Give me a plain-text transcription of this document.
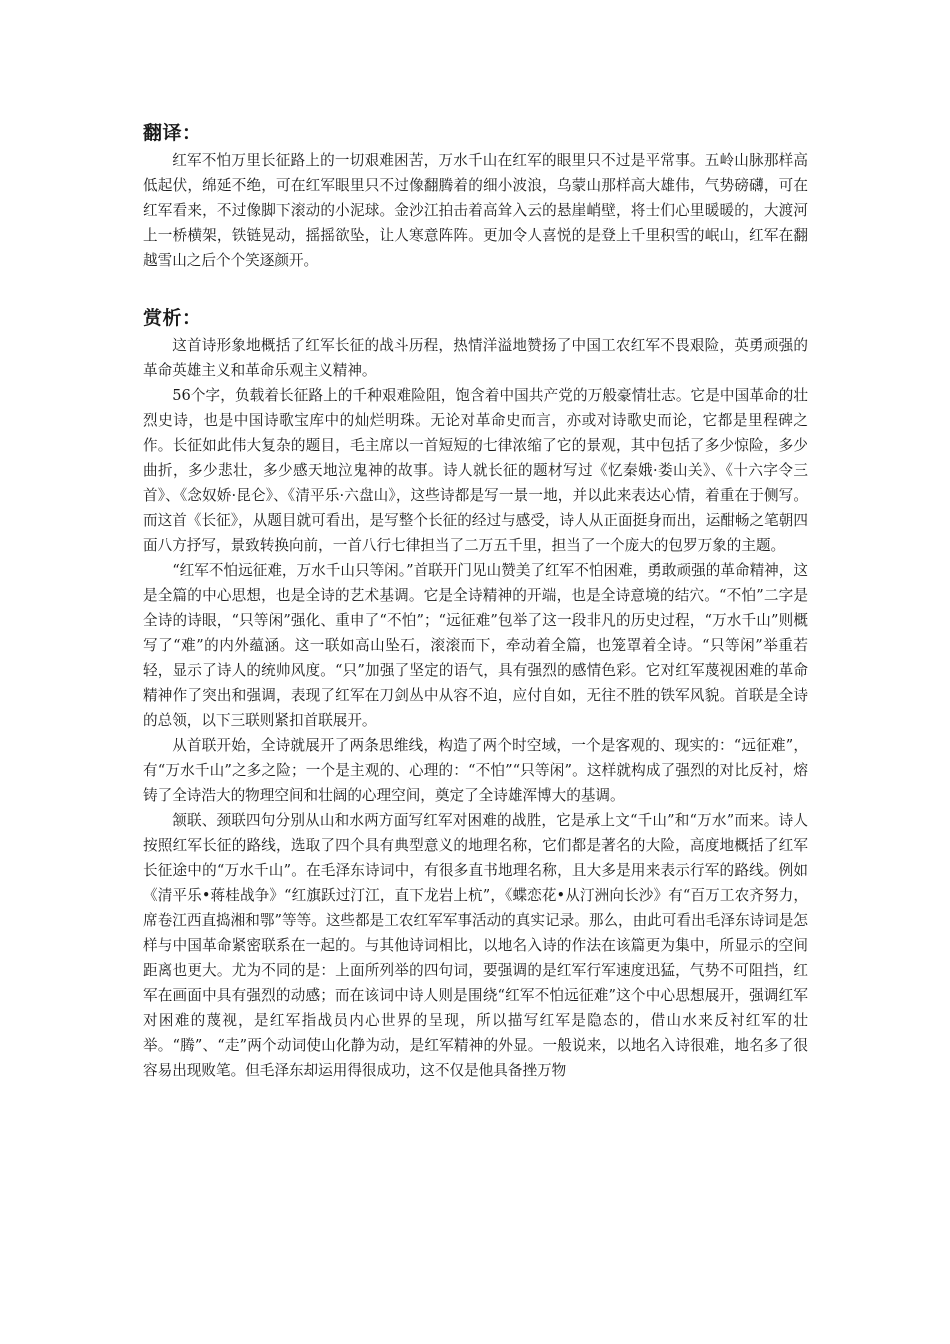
翻译：

红军不怕万里长征路上的一切艰难困苦，万水千山在红军的眼里只不过是平常事。五岭山脉那样高低起伏，绵延不绝，可在红军眼里只不过像翻腾着的细小波浪，乌蒙山那样高大雄伟，气势磅礴，可在红军看来，不过像脚下滚动的小泥球。金沙江拍击着高耸入云的悬崖峭壁，将士们心里暖暖的，大渡河上一桥横架，铁链晃动，摇摇欲坠，让人寒意阵阵。更加令人喜悦的是登上千里积雪的岷山，红军在翻越雪山之后个个笑逐颜开。

赏析：

这首诗形象地概括了红军长征的战斗历程，热情洋溢地赞扬了中国工农红军不畏艰险，英勇顽强的革命英雄主义和革命乐观主义精神。

56个字，负载着长征路上的千种艰难险阻，饱含着中国共产党的万般豪情壮志。它是中国革命的壮烈史诗，也是中国诗歌宝库中的灿烂明珠。无论对革命史而言，亦或对诗歌史而论，它都是里程碑之作。长征如此伟大复杂的题目，毛主席以一首短短的七律浓缩了它的景观，其中包括了多少惊险，多少曲折，多少悲壮，多少感天地泣鬼神的故事。诗人就长征的题材写过《忆秦娥·娄山关》、《十六字令三首》、《念奴娇·昆仑》、《清平乐·六盘山》，这些诗都是写一景一地，并以此来表达心情，着重在于侧写。而这首《长征》，从题目就可看出，是写整个长征的经过与感受，诗人从正面挺身而出，运酣畅之笔朝四面八方抒写，景致转换向前，一首八行七律担当了二万五千里，担当了一个庞大的包罗万象的主题。

“红军不怕远征难，万水千山只等闲。”首联开门见山赞美了红军不怕困难，勇敢顽强的革命精神，这是全篇的中心思想，也是全诗的艺术基调。它是全诗精神的开端，也是全诗意境的结穴。“不怕”二字是全诗的诗眼，“只等闲”强化、重申了“不怕”；“远征难”包举了这一段非凡的历史过程，“万水千山”则概写了“难”的内外蕴涵。这一联如高山坠石，滚滚而下，牵动着全篇，也笼罩着全诗。“只等闲”举重若轻，显示了诗人的统帅风度。“只”加强了坚定的语气，具有强烈的感情色彩。它对红军蔑视困难的革命精神作了突出和强调，表现了红军在刀剑丛中从容不迫，应付自如，无往不胜的铁军风貌。首联是全诗的总领，以下三联则紧扣首联展开。

从首联开始，全诗就展开了两条思维线，构造了两个时空域，一个是客观的、现实的：“远征难”，有“万水千山”之多之险；一个是主观的、心理的：“不怕”“只等闲”。这样就构成了强烈的对比反衬，熔铸了全诗浩大的物理空间和壮阔的心理空间，奠定了全诗雄浑博大的基调。

颔联、颈联四句分别从山和水两方面写红军对困难的战胜，它是承上文“千山”和“万水”而来。诗人按照红军长征的路线，选取了四个具有典型意义的地理名称，它们都是著名的大险，高度地概括了红军长征途中的“万水千山”。在毛泽东诗词中，有很多直书地理名称，且大多是用来表示行军的路线。例如《清平乐•蒋桂战争》“红旗跃过汀江，直下龙岩上杭”，《蝶恋花•从汀洲向长沙》有“百万工农齐努力，席卷江西直捣湘和鄂”等等。这些都是工农红军军事活动的真实记录。那么，由此可看出毛泽东诗词是怎样与中国革命紧密联系在一起的。与其他诗词相比，以地名入诗的作法在该篇更为集中，所显示的空间距离也更大。尤为不同的是：上面所列举的四句词，要强调的是红军行军速度迅猛，气势不可阻挡，红军在画面中具有强烈的动感；而在该词中诗人则是围绕“红军不怕远征难”这个中心思想展开，强调红军对困难的蔑视，是红军指战员内心世界的呈现，所以描写红军是隐态的，借山水来反衬红军的壮举。“腾”、“走”两个动词使山化静为动，是红军精神的外显。一般说来，以地名入诗很难，地名多了很容易出现败笔。但毛泽东却运用得很成功，这不仅是他具备挫万物
